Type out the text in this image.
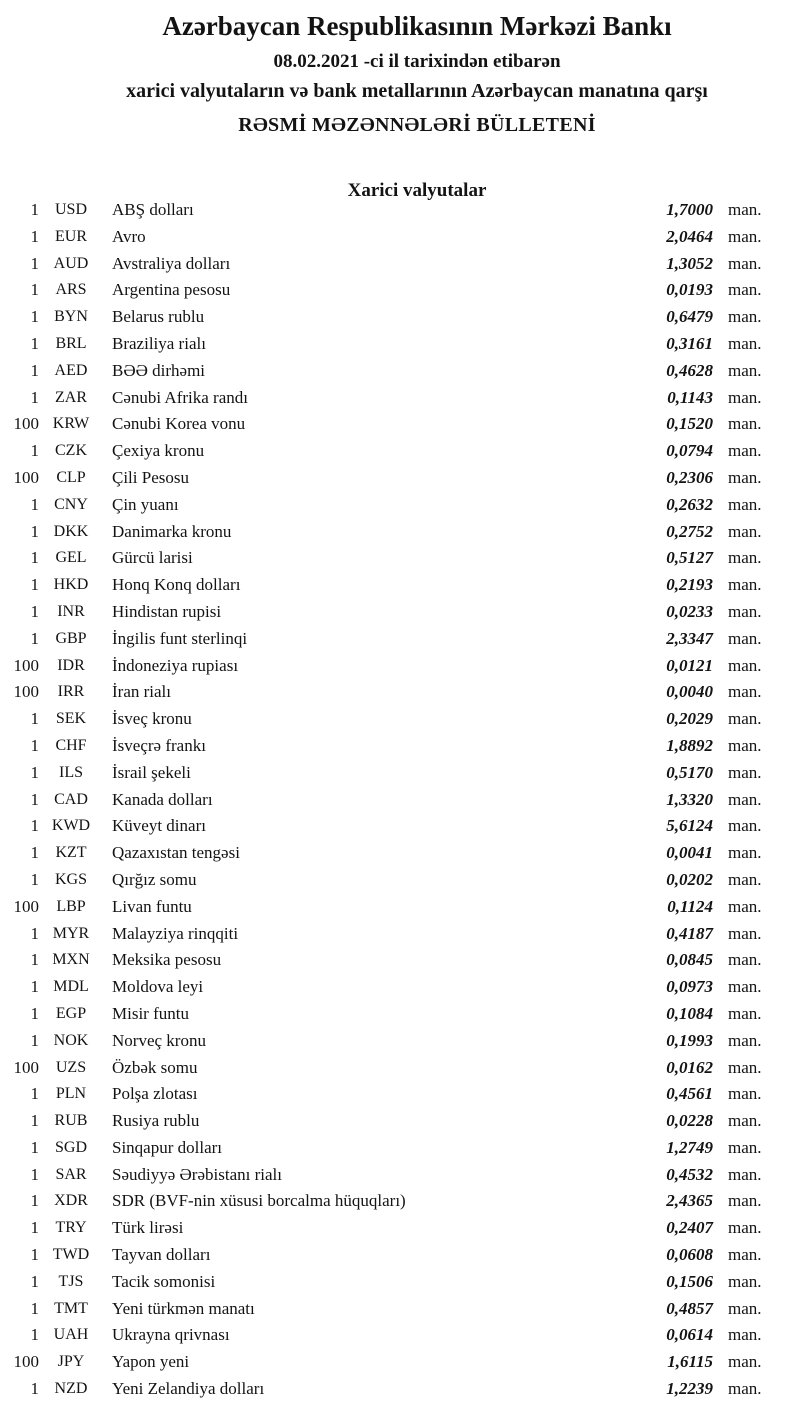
Azərbaycan Respublikasının Mərkəzi Bankı
08.02.2021 -ci il tarixindən etibarən
xarici valyutaların və bank metallarının Azərbaycan manatına qarşı
RƏSMİ MƏZƏNNƏLƏRİ BÜLLETENİ
Xarici valyutalar
1 USD	ABŞ dolları	1,7000 man.
1	EUR	Avro	2,0464 man.
1 AUD	Avstraliya dolları	1,3052 man.
1	ARS	Argentina pesosu	0,0193 man.
1 BYN	Belarus rublu	0,6479 man.
1	BRL	Braziliya rialı	0,3161 man.
1 AED	BƏƏ dirhəmi	0,4628 man.
1	ZAR	Cənubi Afrika randı	0,1143 man.
100 KRW	Cənubi Korea vonu	0,1520 man.
1	CZK	Çexiya kronu	0,0794 man.
100	CLP	Çili Pesosu	0,2306 man.
1 CNY	Çin yuanı	0,2632 man.
1 DKK	Danimarka kronu	0,2752 man.
1	GEL	Gürcü larisi	0,5127 man.
1 HKD	Honq Konq dolları	0,2193 man.
1	INR	Hindistan rupisi	0,0233 man.
1	GBP	İngilis funt sterlinqi	2,3347 man.
100	IDR	İndoneziya rupiası	0,0121 man.
100	IRR	İran rialı	0,0040 man.
1	SEK	İsveç kronu	0,2029 man.
1	CHF	İsveçrə frankı	1,8892 man.
1	ILS	İsrail şekeli	0,5170 man.
1 CAD	Kanada dolları	1,3320 man.
1 KWD	Küveyt dinarı	5,6124 man.
1	KZT	Qazaxıstan tengəsi	0,0041 man.
1 KGS	Qırğız somu	0,0202 man.
100	LBP	Livan funtu	0,1124 man.
1 MYR	Malayziya rinqqiti	0,4187 man.
1 MXN	Meksika pesosu	0,0845 man.
1 MDL	Moldova leyi	0,0973 man.
1	EGP	Misir funtu	0,1084 man.
1 NOK	Norveç kronu	0,1993 man.
100	UZS	Özbək somu	0,0162 man.
1	PLN	Polşa zlotası	0,4561 man.
1 RUB	Rusiya rublu	0,0228 man.
1 SGD	Sinqapur dolları	1,2749 man.
1	SAR	Səudiyyə Ərəbistanı rialı	0,4532 man.
1 XDR	SDR (BVF-nin xüsusi borcalma hüquqları)	2,4365 man.
1	TRY	Türk lirəsi	0,2407 man.
1 TWD	Tayvan dolları	0,0608 man.
1	TJS	Tacik somonisi	0,1506 man.
1 TMT	Yeni türkmən manatı	0,4857 man.
1 UAH	Ukrayna qrivnası	0,0614 man.
100	JPY	Yapon yeni	1,6115 man.
1 NZD	Yeni Zelandiya dolları	1,2239 man.
